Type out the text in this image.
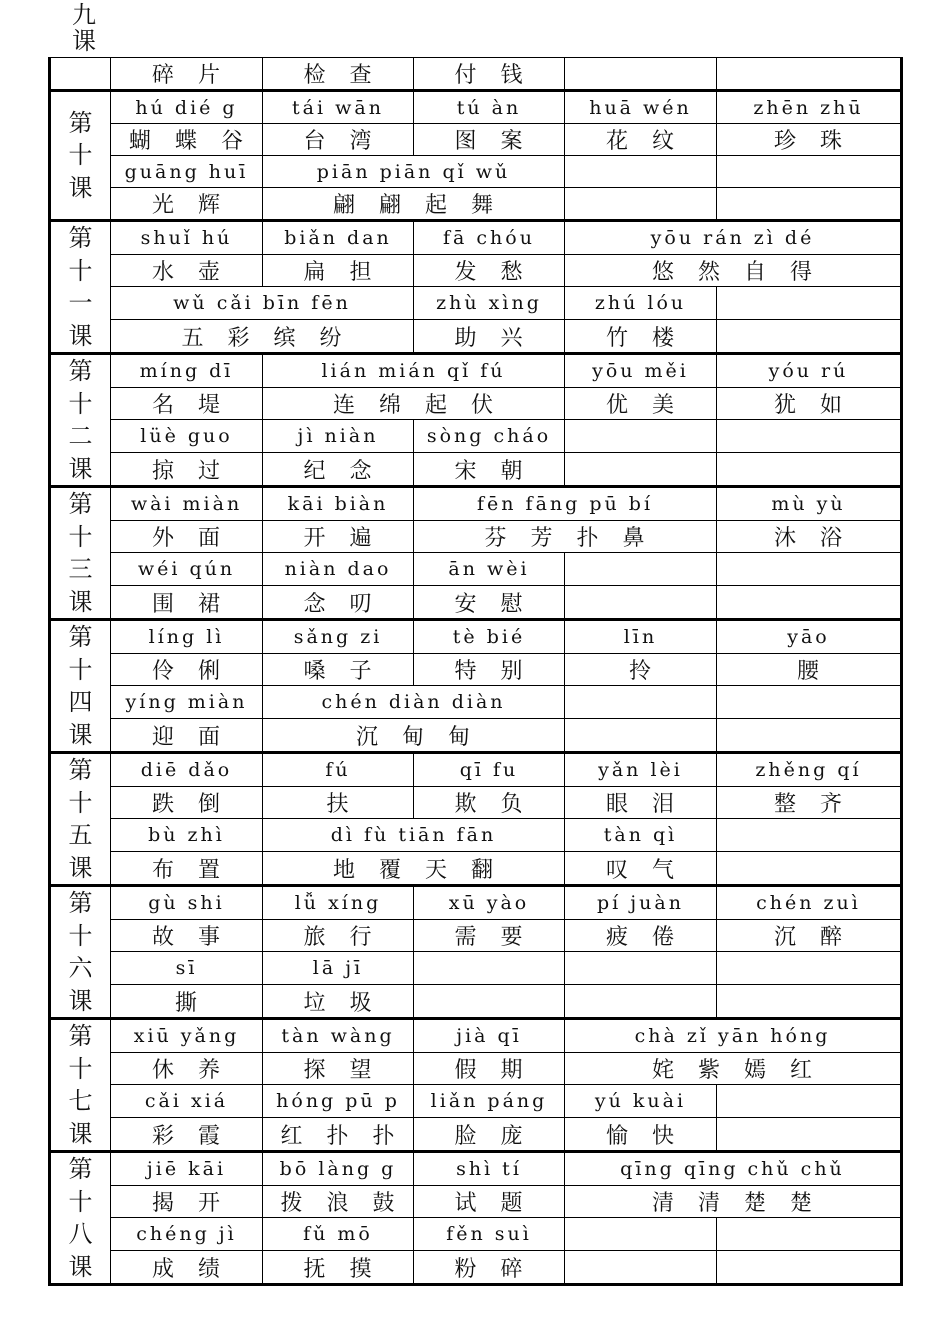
九
课
	碎　片	检　查	付　钱		

第
十
课	hú dié g	tái wān	tú àn	huā wén	zhēn zhū
	蝴　蝶　谷	台　湾	图　案	花　纹	珍　珠
	guāng huī	piān piān qǐ wǔ			
	光　辉	翩　翩　起　舞			

第
十
一
课	shuǐ hú	biǎn dan	fā chóu	yōu rán zì dé	
	水　壶	扁　担	发　愁	悠　然　自　得	
	wǔ cǎi bīn fēn		zhù xìng	zhú lóu	
	五　彩　缤　纷		助　兴	竹　楼	

第
十
二
课	míng dī	lián mián qǐ fú		yōu měi	yóu rú
	名　堤	连　绵　起　伏		优　美	犹　如
	lüè guo	jì niàn	sòng cháo		
	掠　过	纪　念	宋　朝		

第
十
三
课	wài miàn	kāi biàn	fēn fāng pū bí		mù yù
	外　面	开　遍	芬　芳　扑　鼻		沐　浴
	wéi qún	niàn dao	ān wèi		
	围　裙	念　叨	安　慰		

第
十
四
课	líng lì	sǎng zi	tè bié	līn	yāo
	伶　俐	嗓　子	特　别	拎	腰
	yíng miàn	chén diàn diàn			
	迎　面	沉　甸　甸			

第
十
五
课	diē dǎo	fú	qī fu	yǎn lèi	zhěng qí
	跌　倒	扶	欺　负	眼　泪	整　齐
	bù zhì	dì fù tiān fān		tàn qì	
	布　置	地　覆　天　翻		叹　气	

第
十
六
课	gù shi	lǚ xíng	xū yào	pí juàn	chén zuì
	故　事	旅　行	需　要	疲　倦	沉　醉
	sī	lā jī			
	撕	垃　圾			

第
十
七
课	xiū yǎng	tàn wàng	jià qī	chà zǐ yān hóng	
	休　养	探　望	假　期	姹　紫　嫣　红	
	cǎi xiá	hóng pū p	liǎn páng	yú kuài	
	彩　霞	红　扑　扑	脸　庞	愉　快	

第
十
八
课	jiē kāi	bō làng g	shì tí	qīng qīng chǔ chǔ	
	揭　开	拨　浪　鼓	试　题	清　清　楚　楚	
	chéng jì	fǔ mō	fěn suì		
	成　绩	抚　摸	粉　碎		
